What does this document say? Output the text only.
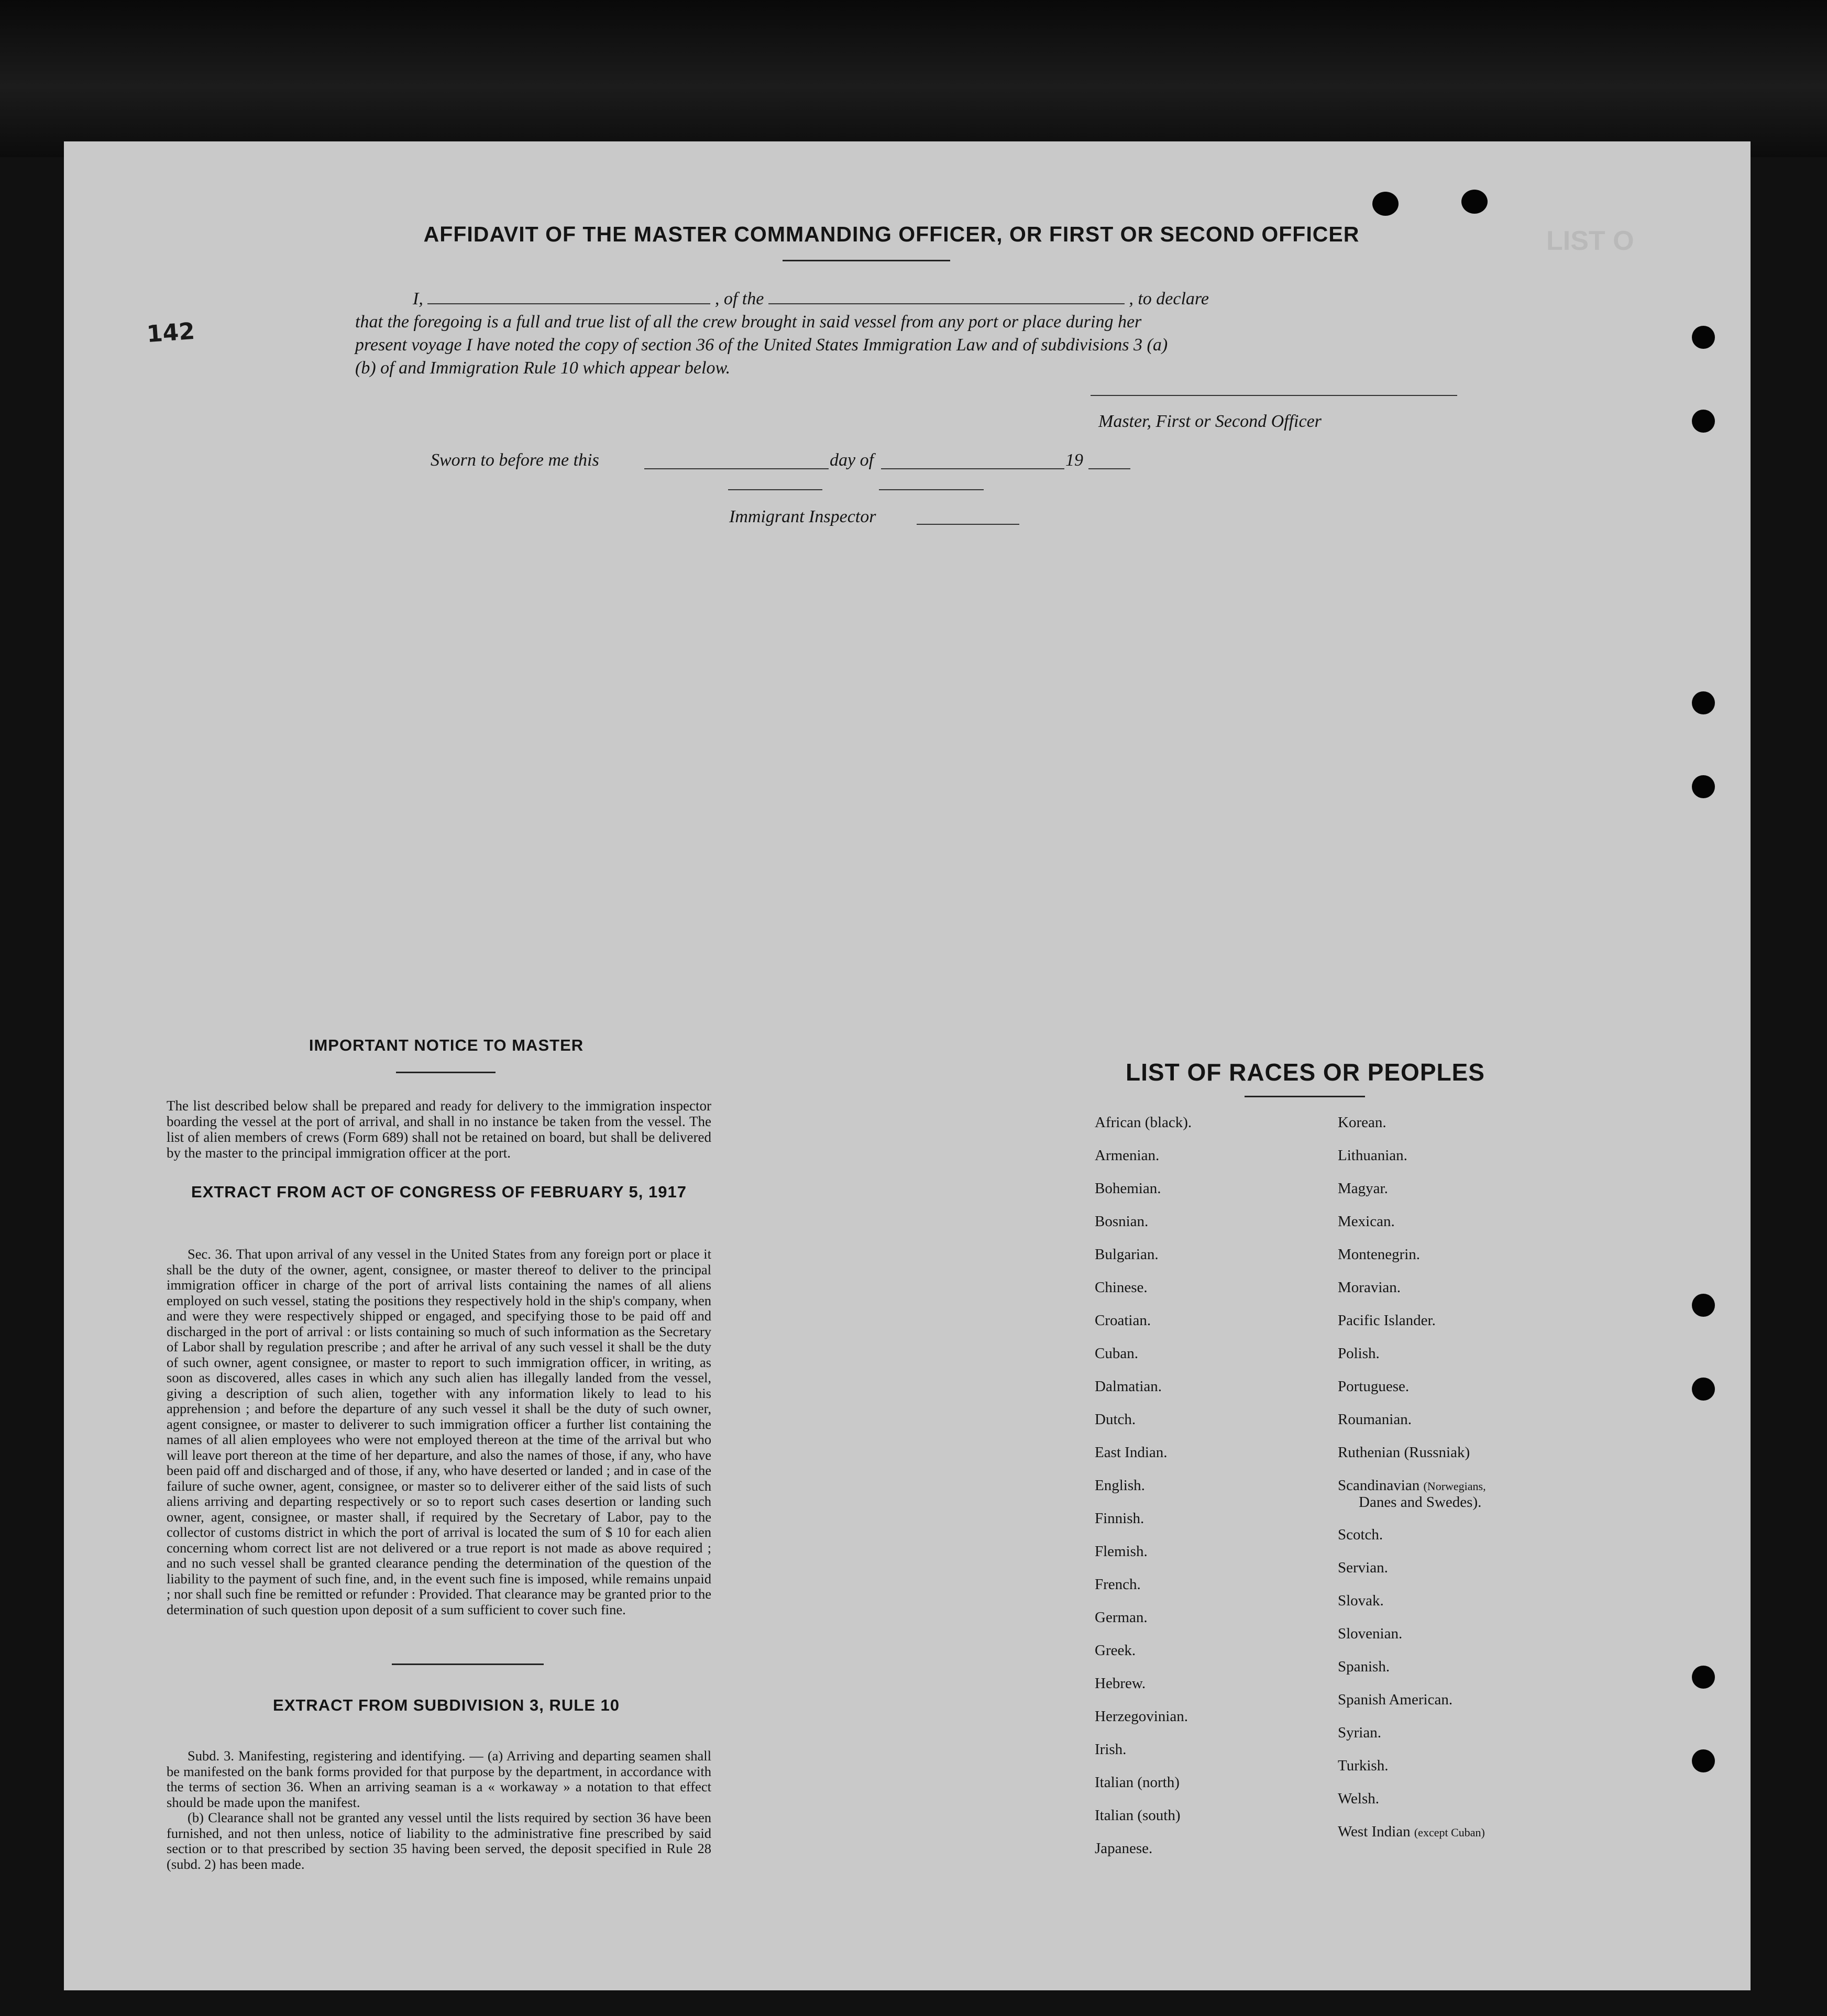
LIST O
142
AFFIDAVIT OF THE MASTER COMMANDING OFFICER, OR FIRST OR SECOND OFFICER
I,	, of the	, to declare
that the foregoing is a full and true list of all the crew brought in said vessel from any port or place during her
present voyage I have noted the copy of section 36 of the United States Immigration Law and of subdivisions 3 (a)
(b) of and Immigration Rule 10 which appear below.
Master, First or Second Officer
Sworn to before me this	day of	19
Immigrant Inspector
IMPORTANT NOTICE TO MASTER

The list described below shall be prepared and ready for delivery to the immigration inspector boarding the vessel at the port of arrival, and shall in no instance be taken from the vessel. The list of alien members of crews (Form 689) shall not be retained on board, but shall be delivered by the master to the principal immigration officer at the port.

EXTRACT FROM ACT OF CONGRESS OF FEBRUARY 5, 1917

Sec. 36. That upon arrival of any vessel in the United States from any foreign port or place it shall be the duty of the owner, agent, consignee, or master thereof to deliver to the principal immigration officer in charge of the port of arrival lists containing the names of all aliens employed on such vessel, stating the positions they respectively hold in the ship's company, when and were they were respectively shipped or engaged, and specifying those to be paid off and discharged in the port of arrival : or lists containing so much of such information as the Secretary of Labor shall by regulation prescribe ; and after he arrival of any such vessel it shall be the duty of such owner, agent consignee, or master to report to such immigration officer, in writing, as soon as discovered, alles cases in which any such alien has illegally landed from the vessel, giving a description of such alien, together with any information likely to lead to his apprehension ; and before the departure of any such vessel it shall be the duty of such owner, agent consignee, or master to deliverer to such immigration officer a further list containing the names of all alien employees who were not employed thereon at the time of the arrival but who will leave port thereon at the time of her departure, and also the names of those, if any, who have been paid off and discharged and of those, if any, who have deserted or landed ; and in case of the failure of suche owner, agent, consignee, or master so to deliverer either of the said lists of such aliens arriving and departing respectively or so to report such cases desertion or landing such owner, agent, consignee, or master shall, if required by the Secretary of Labor, pay to the collector of customs district in which the port of arrival is located the sum of $ 10 for each alien concerning whom correct list are not delivered or a true report is not made as above required ; and no such vessel shall be granted clearance pending the determination of the question of the liability to the payment of such fine, and, in the event such fine is imposed, while remains unpaid ; nor shall such fine be remitted or refunder : Provided. That clearance may be granted prior to the determination of such question upon deposit of a sum sufficient to cover such fine.

EXTRACT FROM SUBDIVISION 3, RULE 10

Subd. 3. Manifesting, registering and identifying. — (a) Arriving and departing seamen shall be manifested on the bank forms provided for that purpose by the department, in accordance with the terms of section 36. When an arriving seaman is a « workaway » a notation to that effect should be made upon the manifest.

(b) Clearance shall not be granted any vessel until the lists required by section 36 have been furnished, and not then unless, notice of liability to the administrative fine prescribed by said section or to that prescribed by section 35 having been served, the deposit specified in Rule 28 (subd. 2) has been made.

LIST OF RACES OR PEOPLES
African (black).
Armenian.
Bohemian.
Bosnian.
Bulgarian.
Chinese.
Croatian.
Cuban.
Dalmatian.
Dutch.
East Indian.
English.
Finnish.
Flemish.
French.
German.
Greek.
Hebrew.
Herzegovinian.
Irish.
Italian (north)
Italian (south)
Japanese.
Korean.
Lithuanian.
Magyar.
Mexican.
Montenegrin.
Moravian.
Pacific Islander.
Polish.
Portuguese.
Roumanian.
Ruthenian (Russniak)
Scandinavian (Norwegians,
Danes and Swedes).
Scotch.
Servian.
Slovak.
Slovenian.
Spanish.
Spanish American.
Syrian.
Turkish.
Welsh.
West Indian (except Cuban)
